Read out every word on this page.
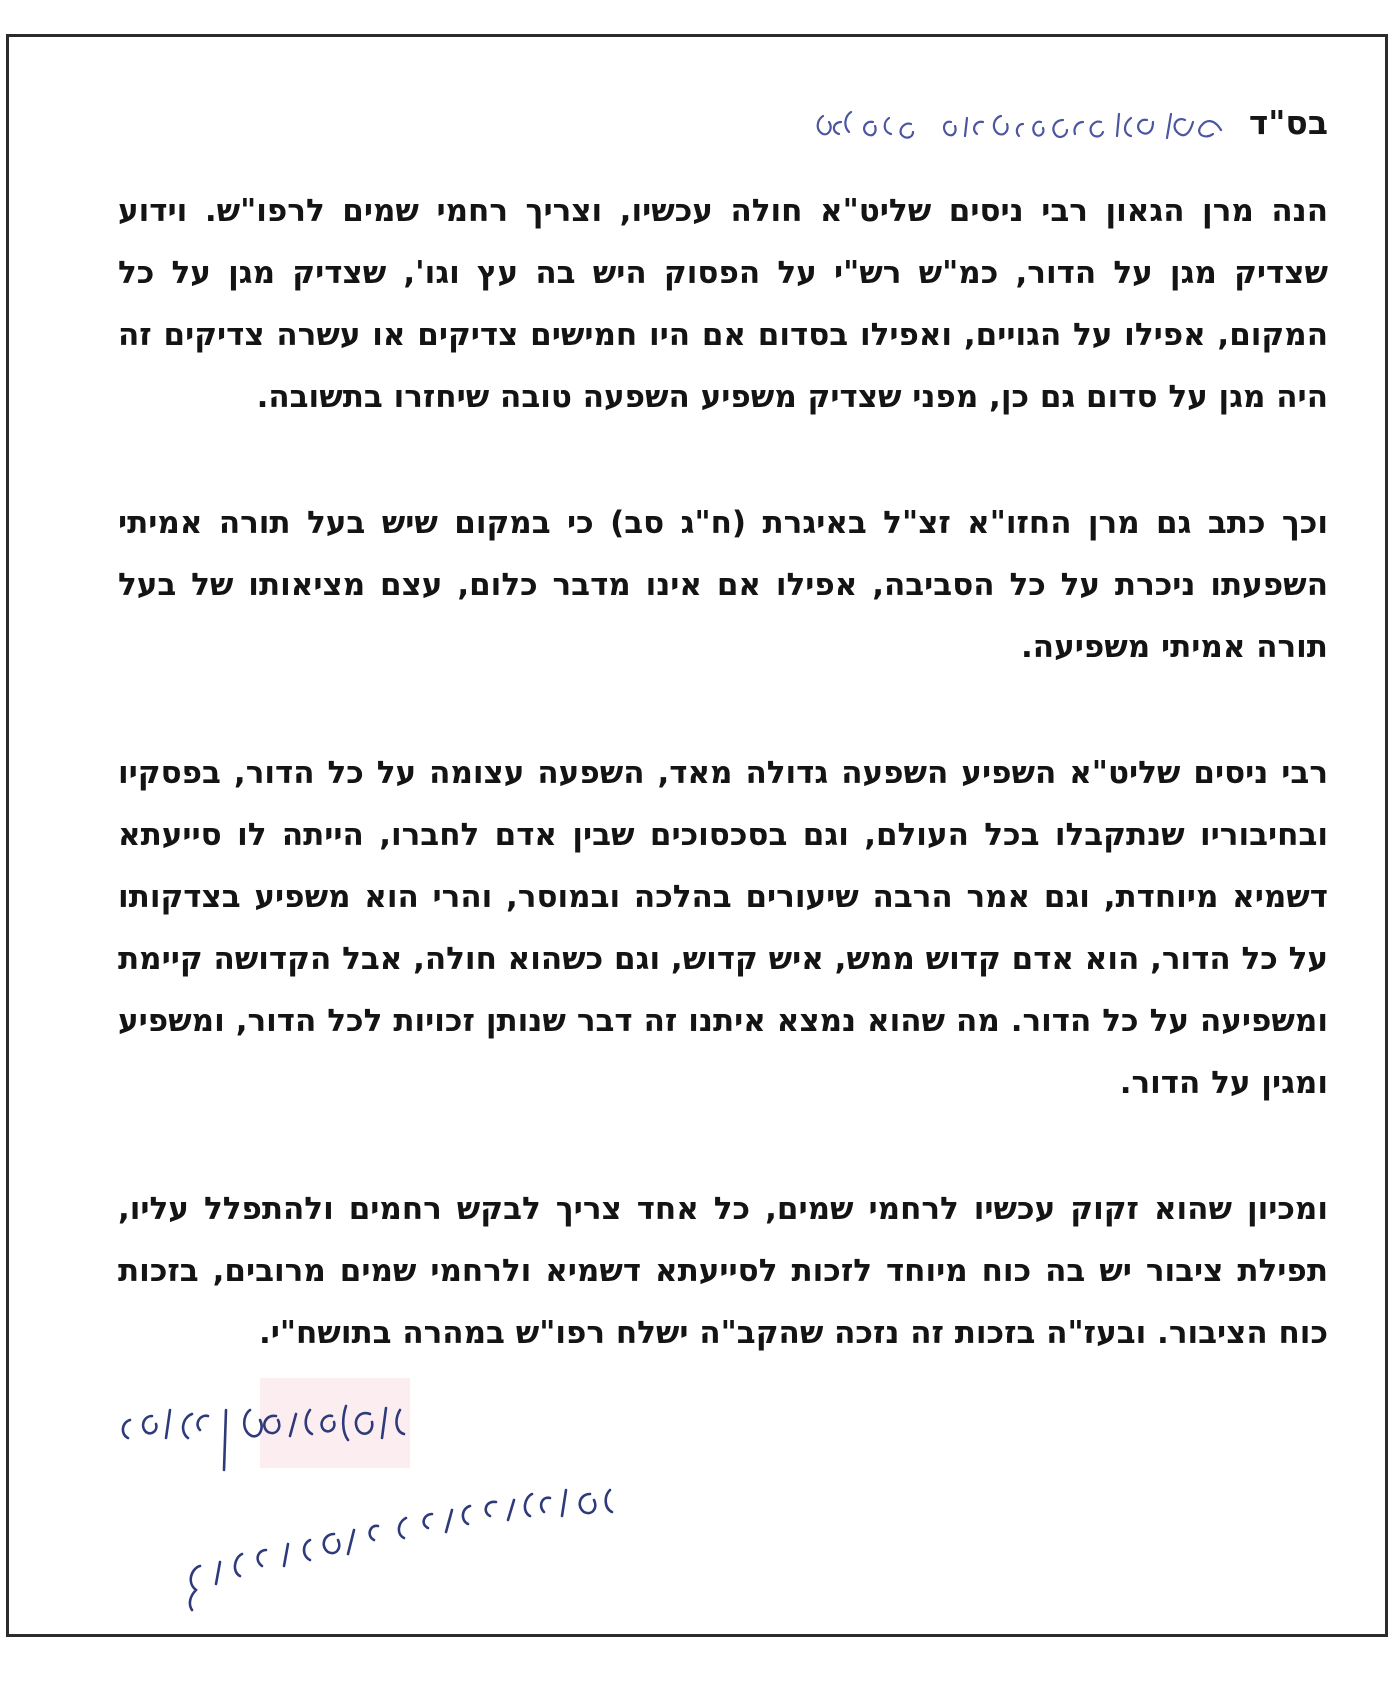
בס"ד

הנה מרן הגאון רבי ניסים שליט"א חולה עכשיו, וצריך רחמי שמים לרפו"ש. וידוע שצדיק מגן על הדור, כמ"ש רש"י על הפסוק היש בה עץ וגו', שצדיק מגן על כל המקום, אפילו על הגויים, ואפילו בסדום אם היו חמישים צדיקים או עשרה צדיקים זה היה מגן על סדום גם כן, מפני שצדיק משפיע השפעה טובה שיחזרו בתשובה.

וכך כתב גם מרן החזו"א זצ"ל באיגרת (ח"ג סב) כי במקום שיש בעל תורה אמיתי השפעתו ניכרת על כל הסביבה, אפילו אם אינו מדבר כלום, עצם מציאותו של בעל תורה אמיתי משפיעה.

רבי ניסים שליט"א השפיע השפעה גדולה מאד, השפעה עצומה על כל הדור, בפסקיו ובחיבוריו שנתקבלו בכל העולם, וגם בסכסוכים שבין אדם לחברו, הייתה לו סייעתא דשמיא מיוחדת, וגם אמר הרבה שיעורים בהלכה ובמוסר, והרי הוא משפיע בצדקותו על כל הדור, הוא אדם קדוש ממש, איש קדוש, וגם כשהוא חולה, אבל הקדושה קיימת ומשפיעה על כל הדור. מה שהוא נמצא איתנו זה דבר שנותן זכויות לכל הדור, ומשפיע ומגין על הדור.

ומכיון שהוא זקוק עכשיו לרחמי שמים, כל אחד צריך לבקש רחמים ולהתפלל עליו, תפילת ציבור יש בה כוח מיוחד לזכות לסייעתא דשמיא ולרחמי שמים מרובים, בזכות כוח הציבור. ובעז"ה בזכות זה נזכה שהקב"ה ישלח רפו"ש במהרה בתושח"י.
